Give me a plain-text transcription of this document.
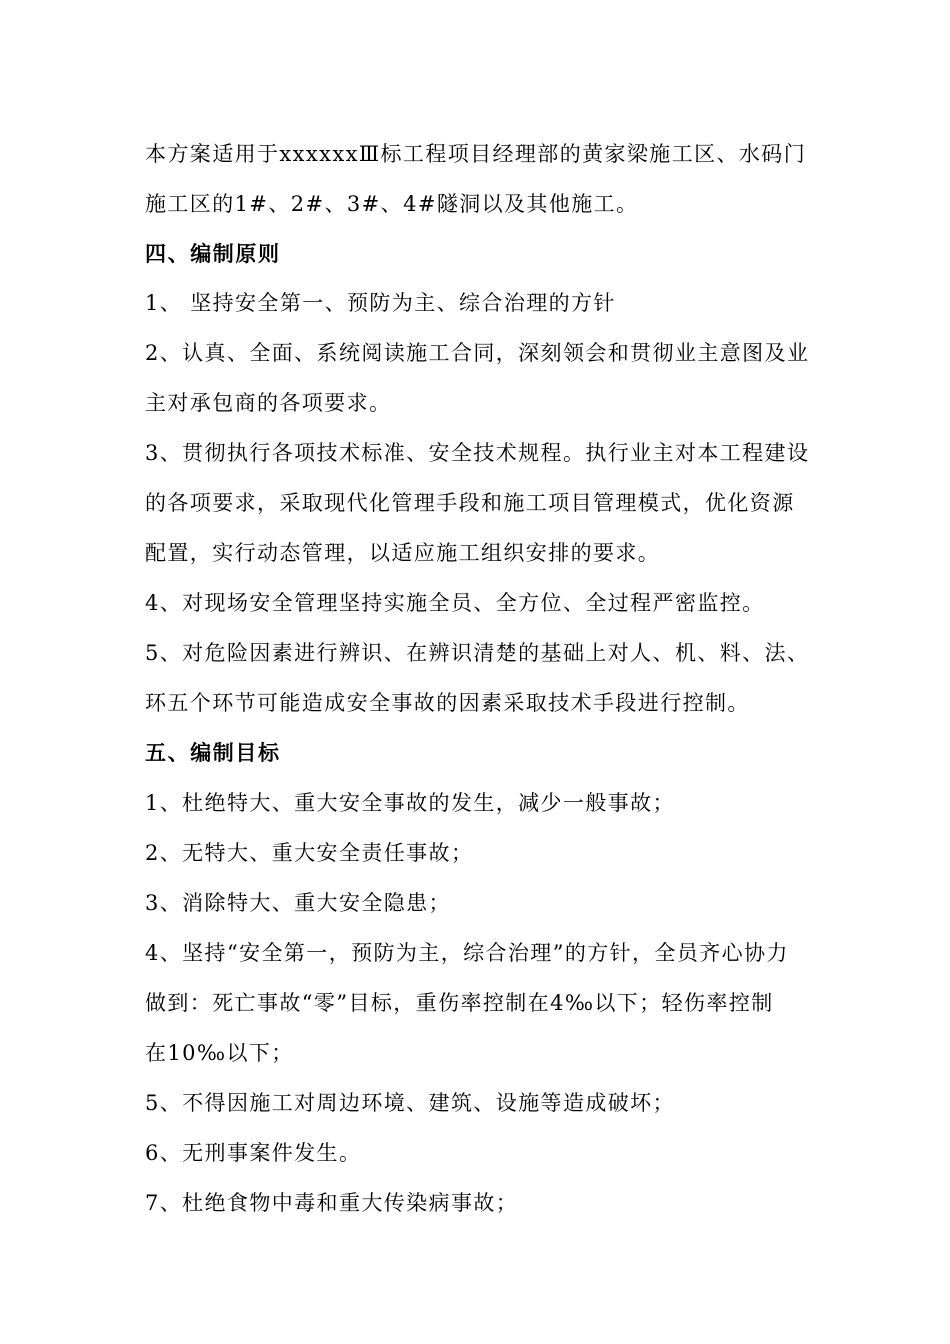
本方案适用于xxxxxxⅢ标工程项目经理部的黄家梁施工区、水码门
施工区的1#、2#、3#、4#隧洞以及其他施工。
四、编制原则
1、 坚持安全第一、预防为主、综合治理的方针
2、认真、全面、系统阅读施工合同，深刻领会和贯彻业主意图及业
主对承包商的各项要求。
3、贯彻执行各项技术标准、安全技术规程。执行业主对本工程建设
的各项要求，采取现代化管理手段和施工项目管理模式，优化资源
配置，实行动态管理，以适应施工组织安排的要求。
4、对现场安全管理坚持实施全员、全方位、全过程严密监控。
5、对危险因素进行辨识、在辨识清楚的基础上对人、机、料、法、
环五个环节可能造成安全事故的因素采取技术手段进行控制。
五、编制目标
1、杜绝特大、重大安全事故的发生，减少一般事故；
2、无特大、重大安全责任事故；
3、消除特大、重大安全隐患；
4、坚持“安全第一，预防为主，综合治理”的方针，全员齐心协力
做到：死亡事故“零”目标，重伤率控制在4‰以下；轻伤率控制
在10‰以下；
5、不得因施工对周边环境、建筑、设施等造成破坏；
6、无刑事案件发生。
7、杜绝食物中毒和重大传染病事故；
